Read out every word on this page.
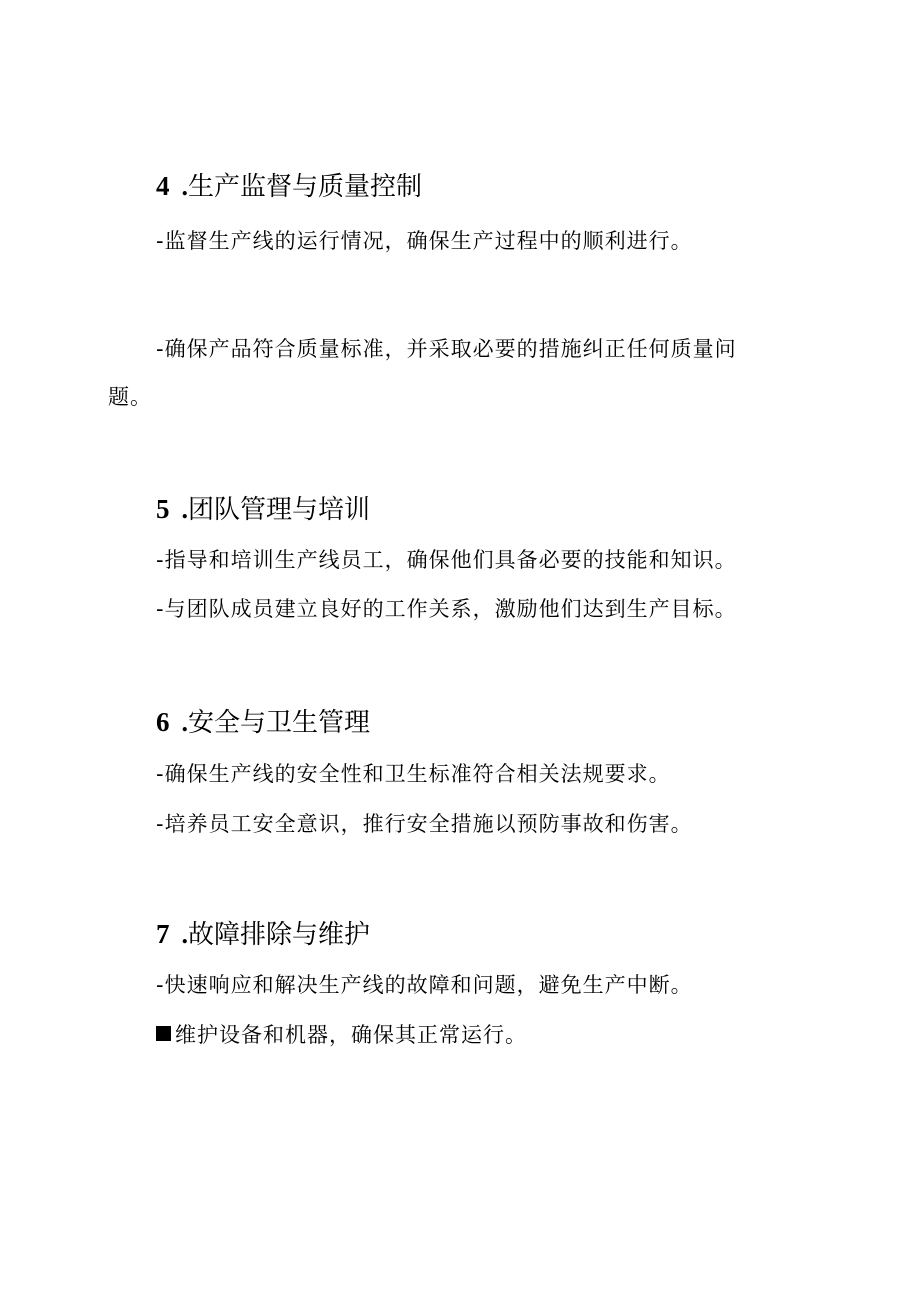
4 .生产监督与质量控制
-监督生产线的运行情况，确保生产过程中的顺利进行。
-确保产品符合质量标准，并采取必要的措施纠正任何质量问
题。
5 .团队管理与培训
-指导和培训生产线员工，确保他们具备必要的技能和知识。
-与团队成员建立良好的工作关系，激励他们达到生产目标。
6 .安全与卫生管理
-确保生产线的安全性和卫生标准符合相关法规要求。
-培养员工安全意识，推行安全措施以预防事故和伤害。
7 .故障排除与维护
-快速响应和解决生产线的故障和问题，避免生产中断。
维护设备和机器，确保其正常运行。
